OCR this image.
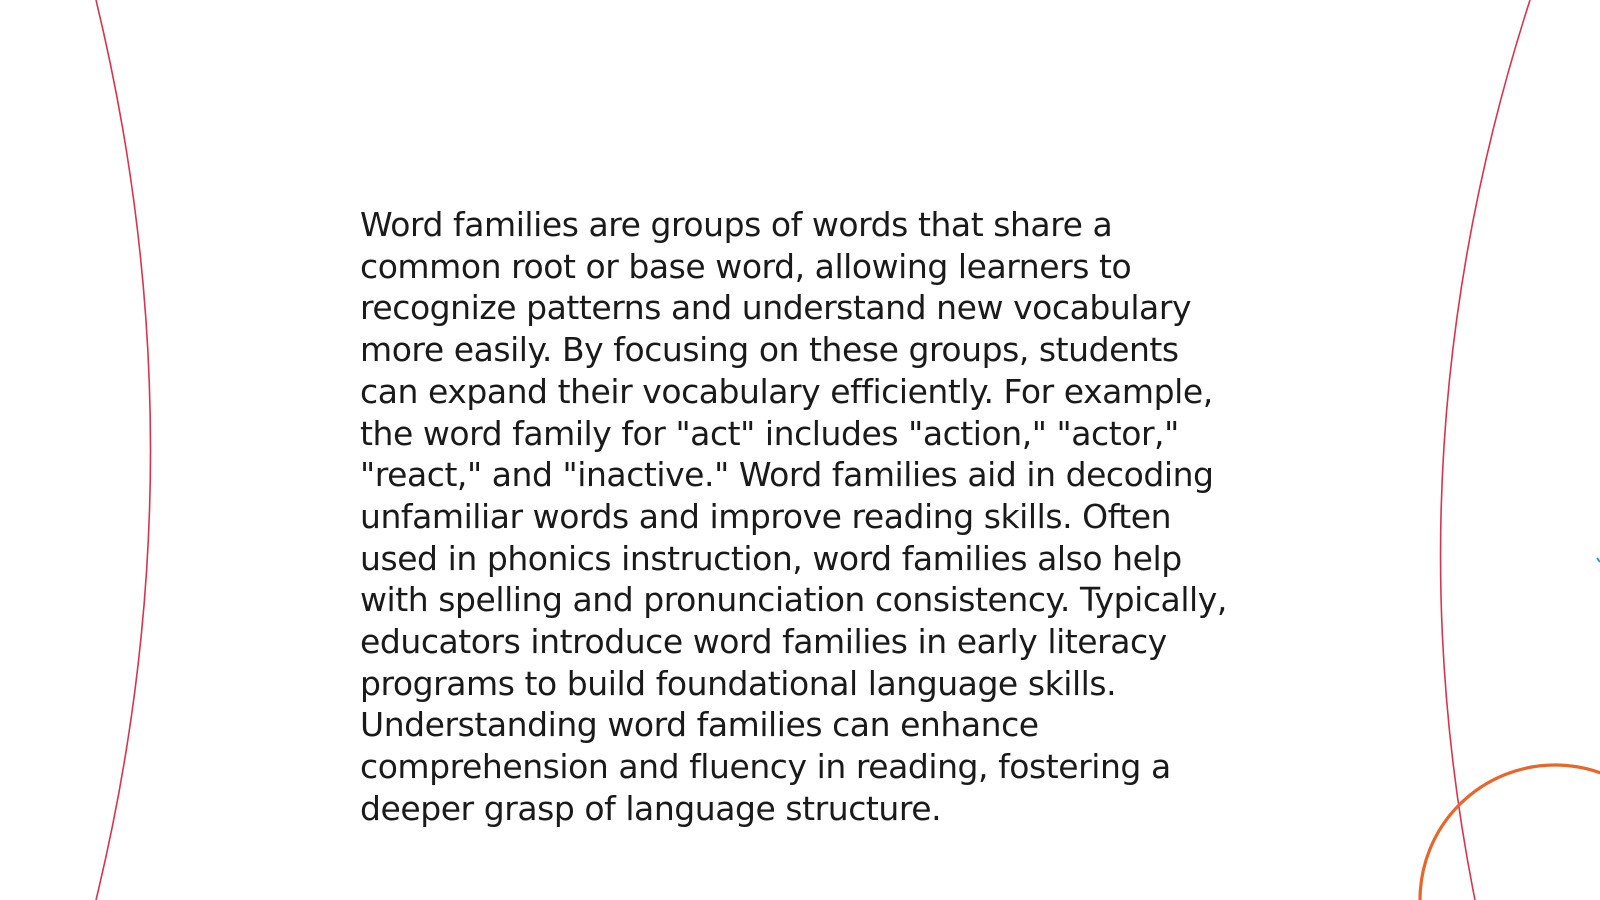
Word families are groups of words that share a
common root or base word, allowing learners to
recognize patterns and understand new vocabulary
more easily. By focusing on these groups, students
can expand their vocabulary efficiently. For example,
the word family for "act" includes "action," "actor,"
"react," and "inactive." Word families aid in decoding
unfamiliar words and improve reading skills. Often
used in phonics instruction, word families also help
with spelling and pronunciation consistency. Typically,
educators introduce word families in early literacy
programs to build foundational language skills.
Understanding word families can enhance
comprehension and fluency in reading, fostering a
deeper grasp of language structure.
